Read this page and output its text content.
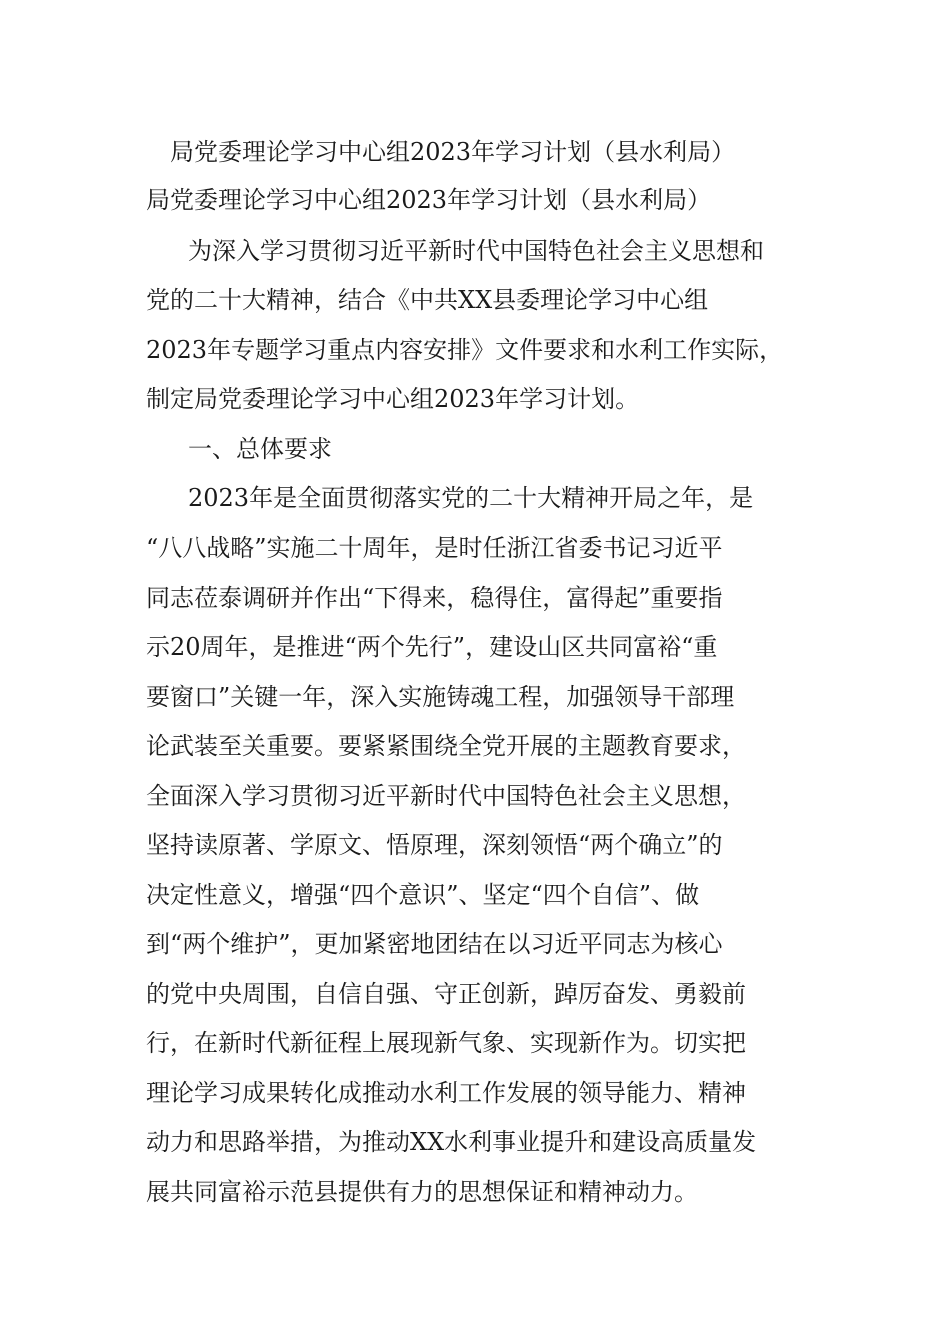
局党委理论学习中心组2023年学习计划（县水利局）

局党委理论学习中心组2023年学习计划（县水利局）

为深入学习贯彻习近平新时代中国特色社会主义思想和

党的二十大精神，结合《中共XX县委理论学习中心组

2023年专题学习重点内容安排》文件要求和水利工作实际，

制定局党委理论学习中心组2023年学习计划。

一、总体要求

2023年是全面贯彻落实党的二十大精神开局之年，是

“八八战略”实施二十周年，是时任浙江省委书记习近平

同志莅泰调研并作出“下得来，稳得住，富得起”重要指

示20周年，是推进“两个先行”，建设山区共同富裕“重

要窗口”关键一年，深入实施铸魂工程，加强领导干部理

论武装至关重要。要紧紧围绕全党开展的主题教育要求，

全面深入学习贯彻习近平新时代中国特色社会主义思想，

坚持读原著、学原文、悟原理，深刻领悟“两个确立”的

决定性意义，增强“四个意识”、坚定“四个自信”、做

到“两个维护”，更加紧密地团结在以习近平同志为核心

的党中央周围，自信自强、守正创新，踔厉奋发、勇毅前

行，在新时代新征程上展现新气象、实现新作为。切实把

理论学习成果转化成推动水利工作发展的领导能力、精神

动力和思路举措，为推动XX水利事业提升和建设高质量发

展共同富裕示范县提供有力的思想保证和精神动力。
